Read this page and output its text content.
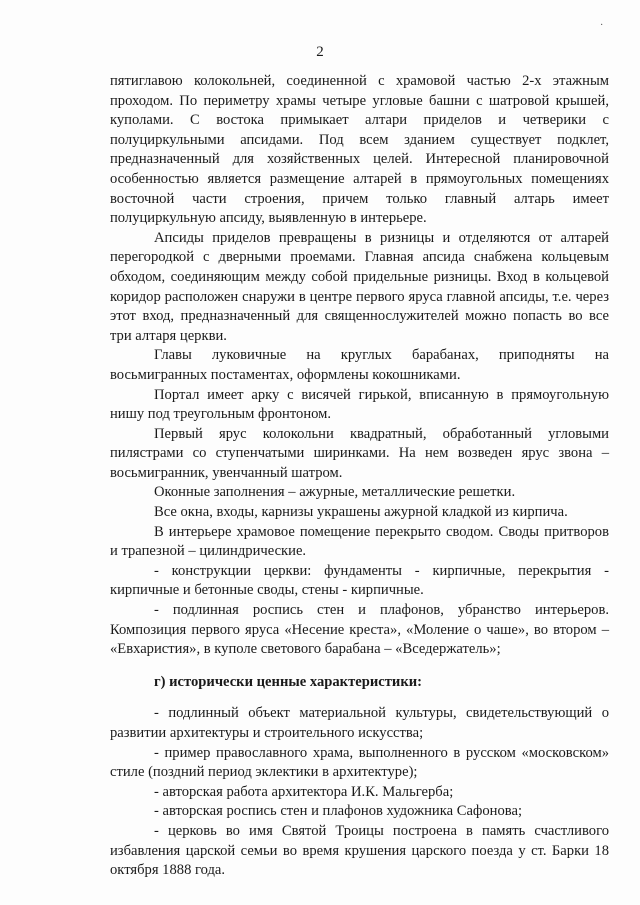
·
2

пятиглавою колокольней, соединенной с храмовой частью 2-х этажным проходом. По периметру храмы четыре угловые башни с шатровой крышей, куполами. С востока примыкает алтари приделов и четверики с полуциркульными апсидами. Под всем зданием существует подклет, предназначенный для хозяйственных целей. Интересной планировочной особенностью является размещение алтарей в прямоугольных помещениях восточной части строения, причем только главный алтарь имеет полуциркульную апсиду, выявленную в интерьере.

Апсиды приделов превращены в ризницы и отделяются от алтарей перегородкой с дверными проемами. Главная апсида снабжена кольцевым обходом, соединяющим между собой придельные ризницы. Вход в кольцевой коридор расположен снаружи в центре первого яруса главной апсиды, т.е. через этот вход, предназначенный для священнослужителей можно попасть во все три алтаря церкви.

Главы луковичные на круглых барабанах, приподняты на восьмигранных постаментах, оформлены кокошниками.

Портал имеет арку с висячей гирькой, вписанную в прямоугольную нишу под треугольным фронтоном.

Первый ярус колокольни квадратный, обработанный угловыми пилястрами со ступенчатыми ширинками. На нем возведен ярус звона – восьмигранник, увенчанный шатром.

Оконные заполнения – ажурные, металлические решетки.

Все окна, входы, карнизы украшены ажурной кладкой из кирпича.

В интерьере храмовое помещение перекрыто сводом. Своды притворов и трапезной – цилиндрические.

- конструкции церкви: фундаменты - кирпичные, перекрытия - кирпичные и бетонные своды, стены - кирпичные.

- подлинная роспись стен и плафонов, убранство интерьеров. Композиция первого яруса «Несение креста», «Моление о чаше», во втором – «Евхаристия», в куполе светового барабана – «Вседержатель»;

г) исторически ценные характеристики:

- подлинный объект материальной культуры, свидетельствующий о развитии архитектуры и строительного искусства;

- пример православного храма, выполненного в русском «московском» стиле (поздний период эклектики в архитектуре);

- авторская работа архитектора И.К. Мальгерба;

- авторская роспись стен и плафонов художника Сафонова;

- церковь во имя Святой Троицы построена в память счастливого избавления царской семьи во время крушения царского поезда у ст. Барки 18 октября 1888 года.
